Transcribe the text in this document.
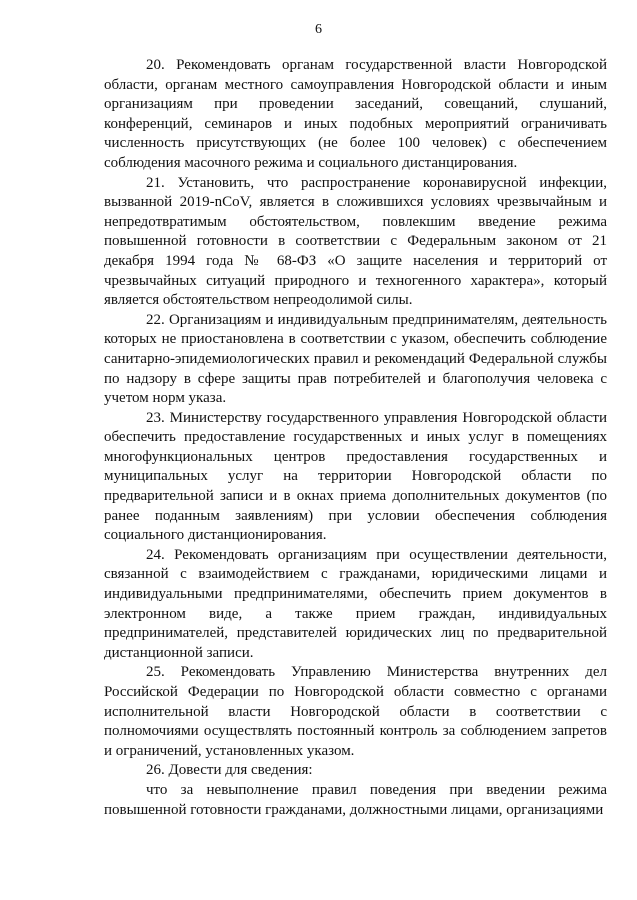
6

20. Рекомендовать органам государственной власти Новгородской области, органам местного самоуправления Новгородской области и иным организациям при проведении заседаний, совещаний, слушаний, конференций, семинаров и иных подобных мероприятий ограничивать численность присутствующих (не более 100 человек) с обеспечением соблюдения масочного режима и социального дистанцирования.

21. Установить, что распространение коронавирусной инфекции, вызванной 2019-nCoV, является в сложившихся условиях чрезвычайным и непредотвратимым обстоятельством, повлекшим введение режима повышенной готовности в соответствии с Федеральным законом от 21 декабря 1994 года № 68-ФЗ «О защите населения и территорий от чрезвычайных ситуаций природного и техногенного характера», который является обстоятельством непреодолимой силы.

22. Организациям и индивидуальным предпринимателям, деятельность которых не приостановлена в соответствии с указом, обеспечить соблюдение санитарно-эпидемиологических правил и рекомендаций Федеральной службы по надзору в сфере защиты прав потребителей и благополучия человека с учетом норм указа.

23. Министерству государственного управления Новгородской области обеспечить предоставление государственных и иных услуг в помещениях многофункциональных центров предоставления государственных и муниципальных услуг на территории Новгородской области по предварительной записи и в окнах приема дополнительных документов (по ранее поданным заявлениям) при условии обеспечения соблюдения социального дистанционирования.

24. Рекомендовать организациям при осуществлении деятельности, связанной с взаимодействием с гражданами, юридическими лицами и индивидуальными предпринимателями, обеспечить прием документов в электронном виде, а также прием граждан, индивидуальных предпринимателей, представителей юридических лиц по предварительной дистанционной записи.

25. Рекомендовать Управлению Министерства внутренних дел Российской Федерации по Новгородской области совместно с органами исполнительной власти Новгородской области в соответствии с полномочиями осуществлять постоянный контроль за соблюдением запретов и ограничений, установленных указом.

26. Довести для сведения:

что за невыполнение правил поведения при введении режима повышенной готовности гражданами, должностными лицами, организациями
